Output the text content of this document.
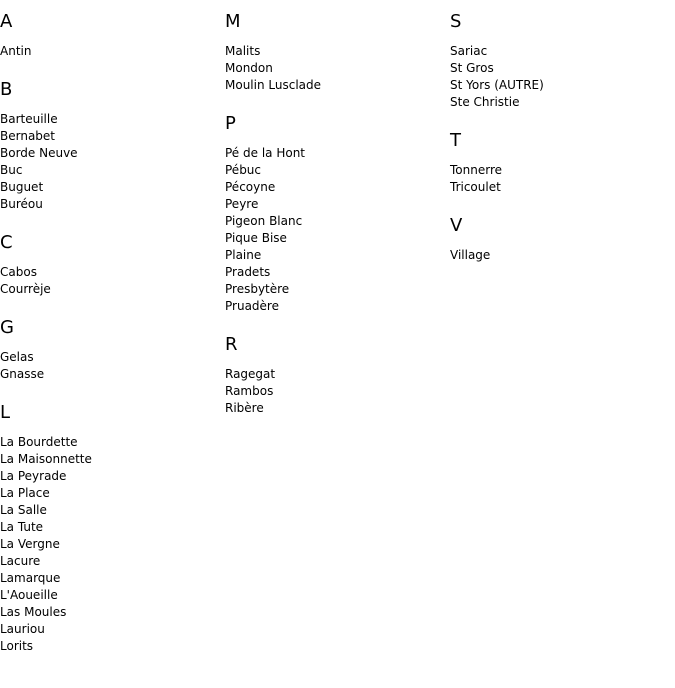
A
Antin
B
Barteuille
Bernabet
Borde Neuve
Buc
Buguet
Buréou
C
Cabos
Courrèje
G
Gelas
Gnasse
L
La Bourdette
La Maisonnette
La Peyrade
La Place
La Salle
La Tute
La Vergne
Lacure
Lamarque
L'Aoueille
Las Moules
Lauriou
Lorits
M
Malits
Mondon
Moulin Lusclade
P
Pé de la Hont
Pébuc
Pécoyne
Peyre
Pigeon Blanc
Pique Bise
Plaine
Pradets
Presbytère
Pruadère
R
Ragegat
Rambos
Ribère
S
Sariac
St Gros
St Yors (AUTRE)
Ste Christie
T
Tonnerre
Tricoulet
V
Village
